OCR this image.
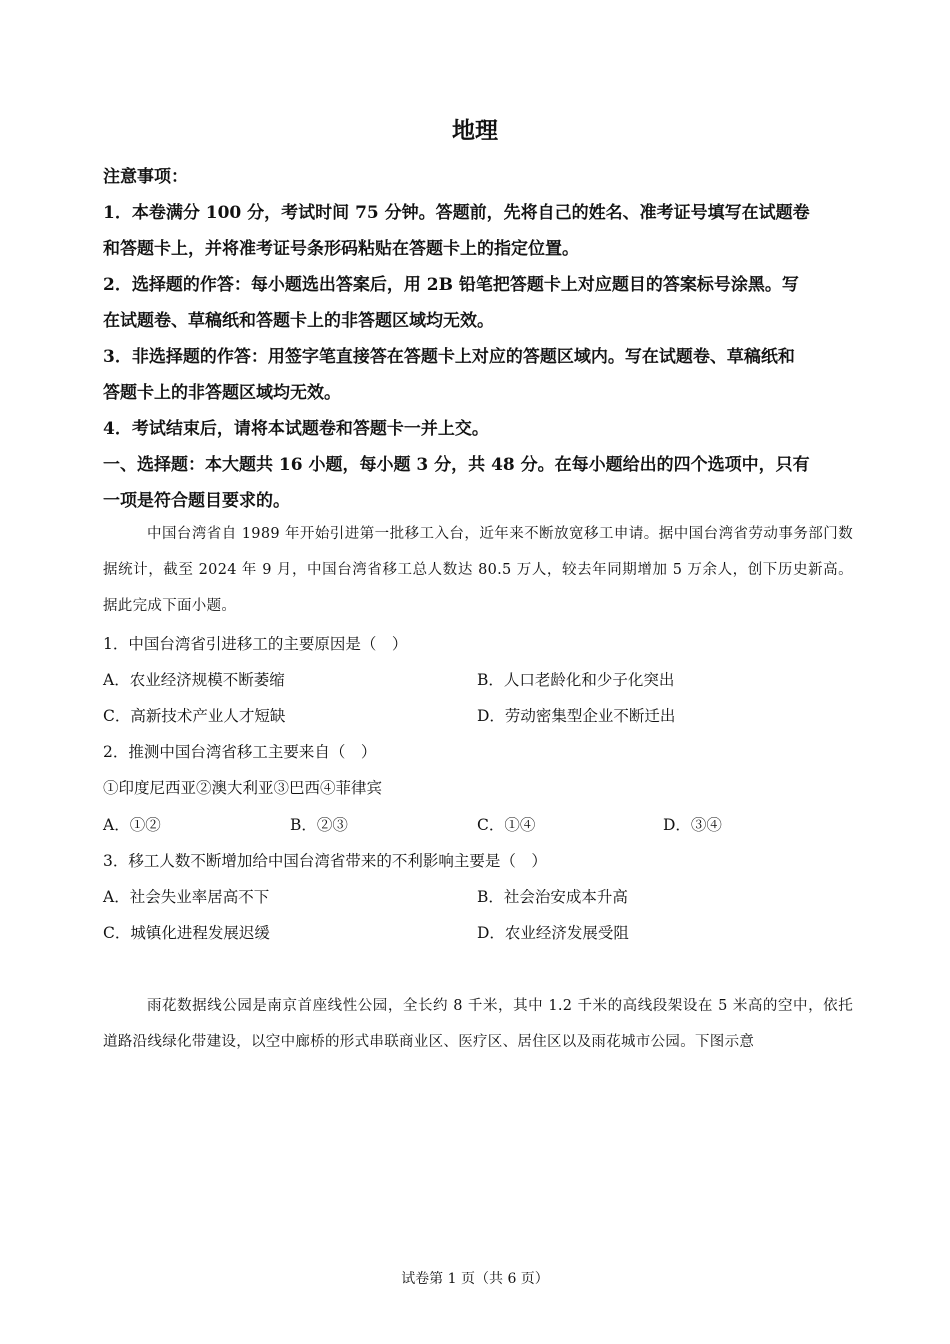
地理
注意事项：
1．本卷满分 100 分，考试时间 75 分钟。答题前，先将自己的姓名、准考证号填写在试题卷
和答题卡上，并将准考证号条形码粘贴在答题卡上的指定位置。
2．选择题的作答：每小题选出答案后，用 2B 铅笔把答题卡上对应题目的答案标号涂黑。写
在试题卷、草稿纸和答题卡上的非答题区域均无效。
3．非选择题的作答：用签字笔直接答在答题卡上对应的答题区域内。写在试题卷、草稿纸和
答题卡上的非答题区域均无效。
4．考试结束后，请将本试题卷和答题卡一并上交。
一、选择题：本大题共 16 小题，每小题 3 分，共 48 分。在每小题给出的四个选项中，只有
一项是符合题目要求的。
中国台湾省自 1989 年开始引进第一批移工入台，近年来不断放宽移工申请。据中国台湾省劳动事务部门数据统计，截至 2024 年 9 月，中国台湾省移工总人数达 80.5 万人，较去年同期增加 5 万余人，创下历史新高。据此完成下面小题。
1．中国台湾省引进移工的主要原因是（　）
A．农业经济规模不断萎缩	B．人口老龄化和少子化突出
C．高新技术产业人才短缺	D．劳动密集型企业不断迁出
2．推测中国台湾省移工主要来自（　）
①印度尼西亚②澳大利亚③巴西④菲律宾
A．①②	B．②③	C．①④	D．③④
3．移工人数不断增加给中国台湾省带来的不利影响主要是（　）
A．社会失业率居高不下	B．社会治安成本升高
C．城镇化进程发展迟缓	D．农业经济发展受阻
雨花数据线公园是南京首座线性公园，全长约 8 千米，其中 1.2 千米的高线段架设在 5 米高的空中，依托道路沿线绿化带建设，以空中廊桥的形式串联商业区、医疗区、居住区以及雨花城市公园。下图示意
试卷第 1 页（共 6 页）
